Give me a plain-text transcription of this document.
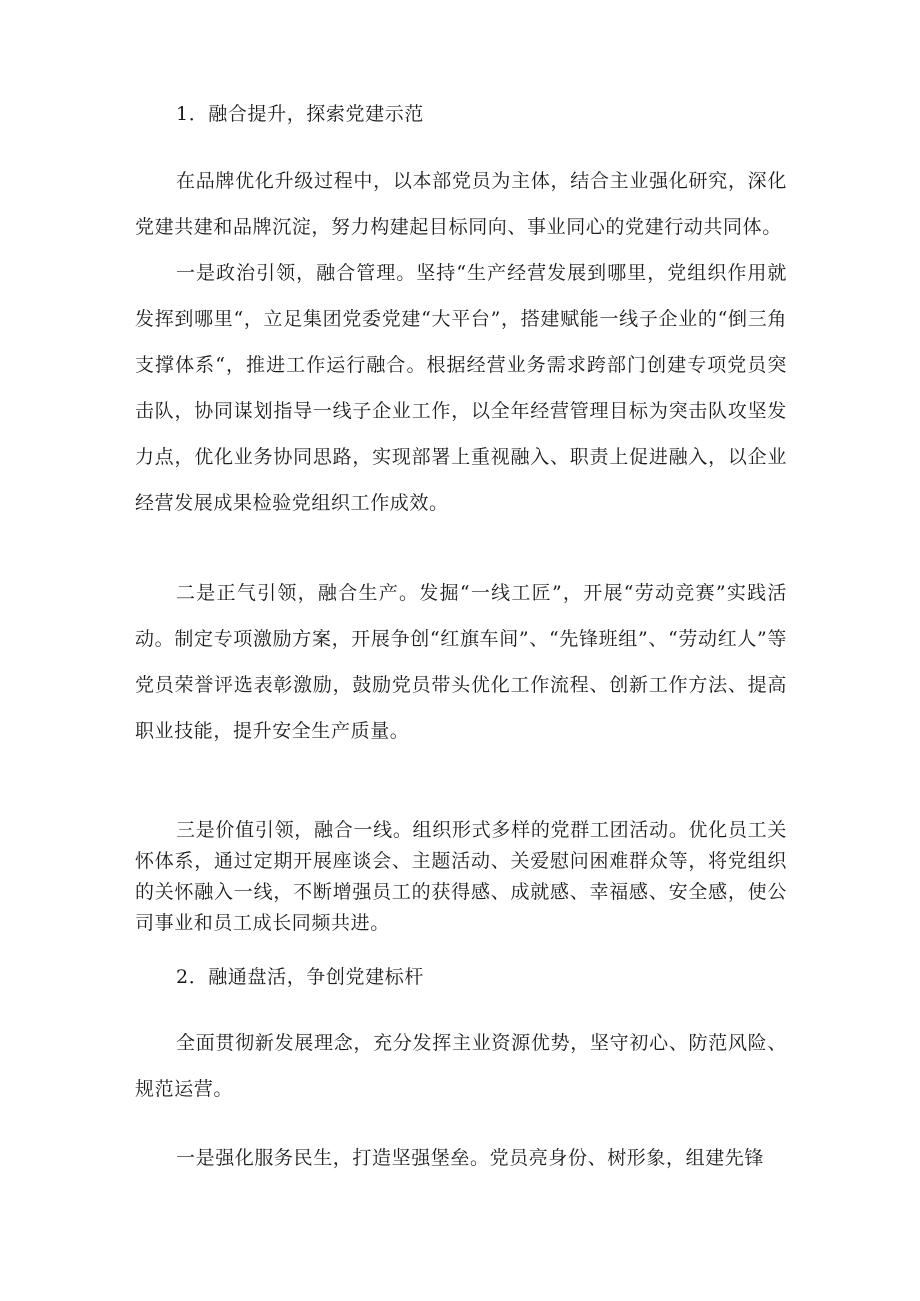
1．融合提升，探索党建示范

在品牌优化升级过程中，以本部党员为主体，结合主业强化研究，深化党建共建和品牌沉淀，努力构建起目标同向、事业同心的党建行动共同体。

一是政治引领，融合管理。坚持“生产经营发展到哪里，党组织作用就发挥到哪里“，立足集团党委党建“大平台”，搭建赋能一线子企业的“倒三角支撑体系“，推进工作运行融合。根据经营业务需求跨部门创建专项党员突击队，协同谋划指导一线子企业工作，以全年经营管理目标为突击队攻坚发力点，优化业务协同思路，实现部署上重视融入、职责上促进融入，以企业经营发展成果检验党组织工作成效。

二是正气引领，融合生产。发掘“一线工匠”，开展“劳动竞赛”实践活动。制定专项激励方案，开展争创“红旗车间”、“先锋班组”、“劳动红人”等党员荣誉评选表彰激励，鼓励党员带头优化工作流程、创新工作方法、提高职业技能，提升安全生产质量。

三是价值引领，融合一线。组织形式多样的党群工团活动。优化员工关怀体系，通过定期开展座谈会、主题活动、关爱慰问困难群众等，将党组织的关怀融入一线，不断增强员工的获得感、成就感、幸福感、安全感，使公司事业和员工成长同频共进。

2．融通盘活，争创党建标杆

全面贯彻新发展理念，充分发挥主业资源优势，坚守初心、防范风险、规范运营。

一是强化服务民生，打造坚强堡垒。党员亮身份、树形象，组建先锋
